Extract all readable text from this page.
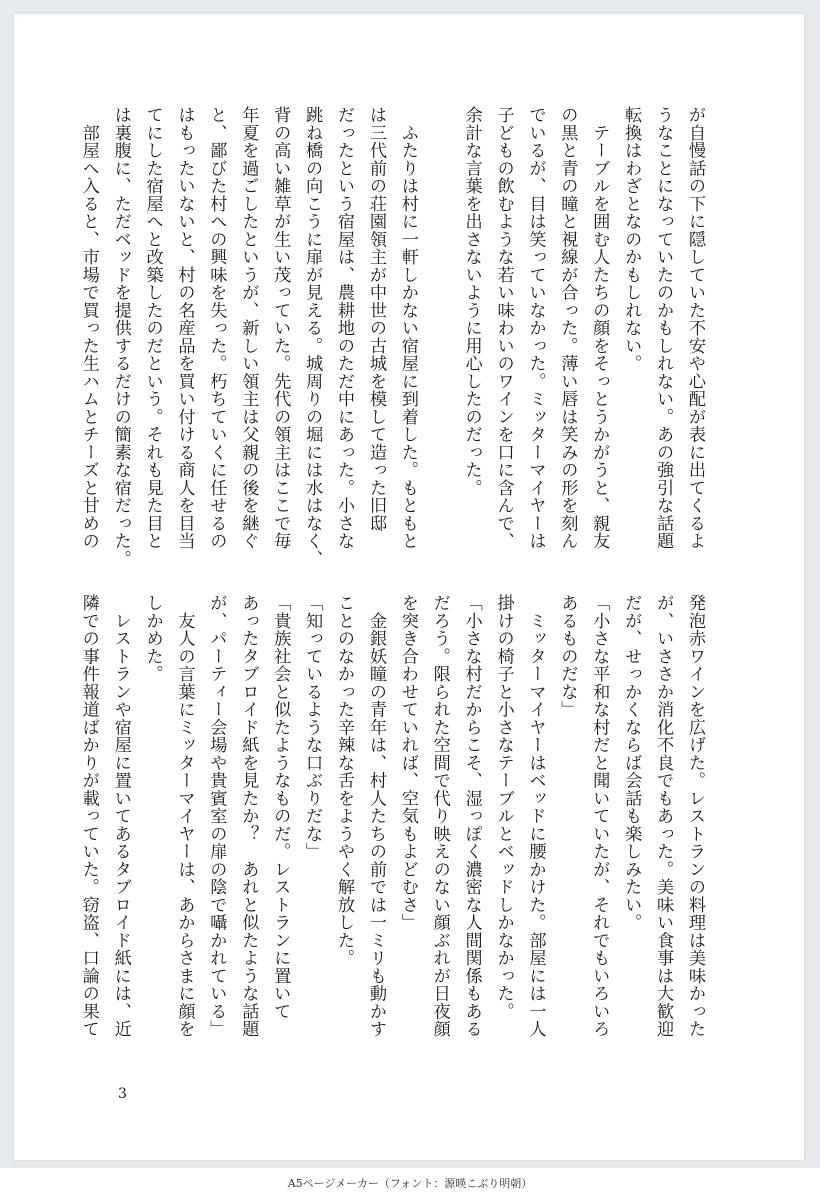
が自慢話の下に隠していた不安や心配が表に出てくるよ

うなことになっていたのかもしれない。あの強引な話題

転換はわざとなのかもしれない。

　テーブルを囲む人たちの顔をそっとうかがうと、親友

の黒と青の瞳と視線が合った。薄い唇は笑みの形を刻ん

でいるが、目は笑っていなかった。ミッターマイヤーは

子どもの飲むような若い味わいのワインを口に含んで、

余計な言葉を出さないように用心したのだった。

　ふたりは村に一軒しかない宿屋に到着した。もともと

は三代前の荘園領主が中世の古城を模して造った旧邸

だったという宿屋は、農耕地のただ中にあった。小さな

跳ね橋の向こうに扉が見える。城周りの堀には水はなく、

背の高い雑草が生い茂っていた。先代の領主はここで毎

年夏を過ごしたというが、新しい領主は父親の後を継ぐ

と、鄙びた村への興味を失った。朽ちていくに任せるの

はもったいないと、村の名産品を買い付ける商人を目当

てにした宿屋へと改築したのだという。それも見た目と

は裏腹に、ただベッドを提供するだけの簡素な宿だった。

　部屋へ入ると、市場で買った生ハムとチーズと甘めの

発泡赤ワインを広げた。レストランの料理は美味かった

が、いささか消化不良でもあった。美味い食事は大歓迎

だが、せっかくならば会話も楽しみたい。

「小さな平和な村だと聞いていたが、それでもいろいろ

あるものだな」

　ミッターマイヤーはベッドに腰かけた。部屋には一人

掛けの椅子と小さなテーブルとベッドしかなかった。

「小さな村だからこそ、湿っぽく濃密な人間関係もある

だろう。限られた空間で代り映えのない顔ぶれが日夜顔

を突き合わせていれば、空気もよどむさ」

　金銀妖瞳の青年は、村人たちの前では一ミリも動かす

ことのなかった辛辣な舌をようやく解放した。

「知っているような口ぶりだな」

「貴族社会と似たようなものだ。レストランに置いて

あったタブロイド紙を見たか？　あれと似たような話題

が、パーティー会場や貴賓室の扉の陰で囁かれている」

　友人の言葉にミッターマイヤーは、あからさまに顔を

しかめた。

　レストランや宿屋に置いてあるタブロイド紙には、近

隣での事件報道ばかりが載っていた。窃盗、口論の果て

3
A5ページメーカー（フォント：源暎こぶり明朝）
